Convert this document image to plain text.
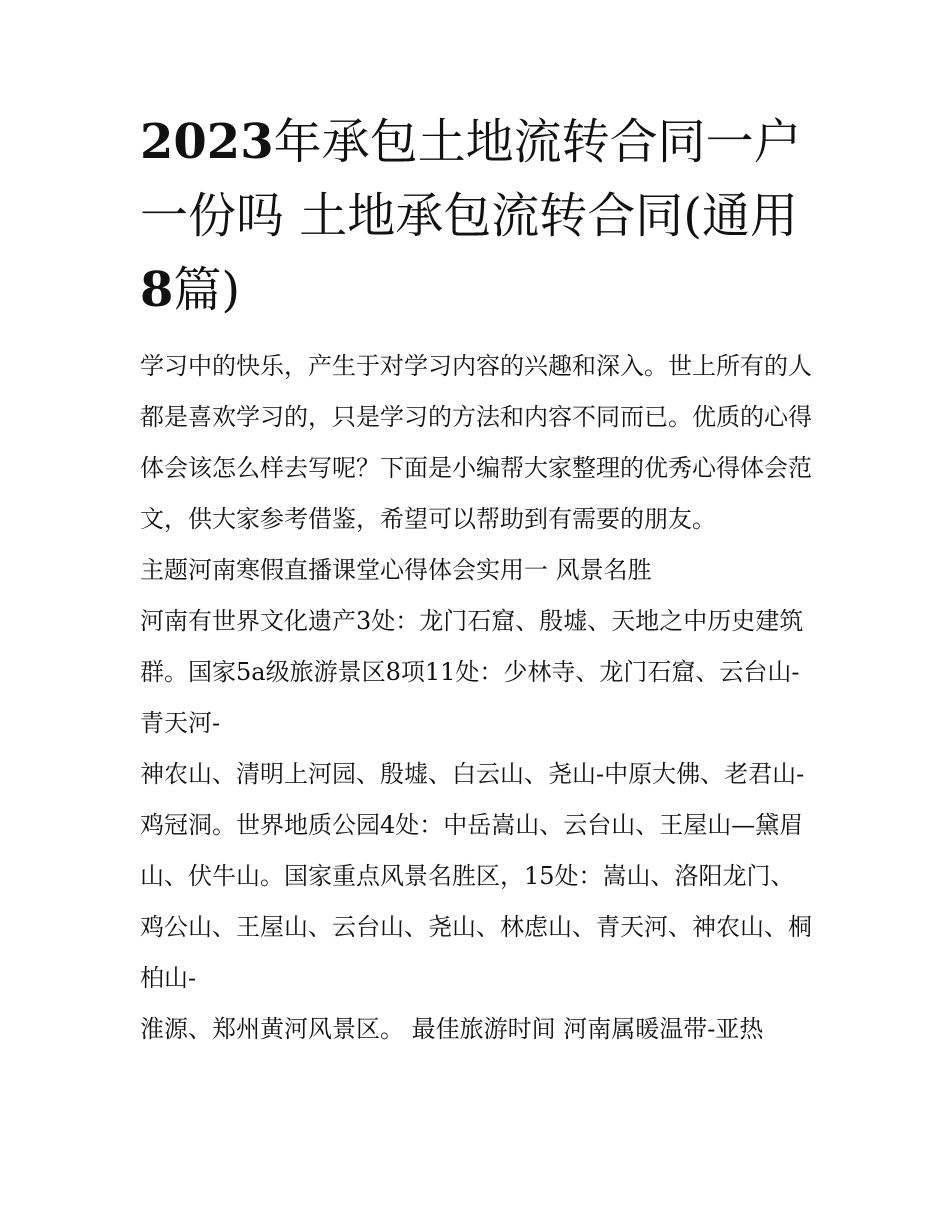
2023年承包土地流转合同一户一份吗 土地承包流转合同(通用8篇)

学习中的快乐，产生于对学习内容的兴趣和深入。世上所有的人都是喜欢学习的，只是学习的方法和内容不同而已。优质的心得体会该怎么样去写呢？下面是小编帮大家整理的优秀心得体会范文，供大家参考借鉴，希望可以帮助到有需要的朋友。

主题河南寒假直播课堂心得体会实用一 风景名胜

河南有世界文化遗产3处：龙门石窟、殷墟、天地之中历史建筑群。国家5a级旅游景区8项11处：少林寺、龙门石窟、云台山-青天河-

神农山、清明上河园、殷墟、白云山、尧山-中原大佛、老君山-

鸡冠洞。世界地质公园4处：中岳嵩山、云台山、王屋山—黛眉山、伏牛山。国家重点风景名胜区，15处：嵩山、洛阳龙门、鸡公山、王屋山、云台山、尧山、林虑山、青天河、神农山、桐柏山-

淮源、郑州黄河风景区。 最佳旅游时间 河南属暖温带-亚热
